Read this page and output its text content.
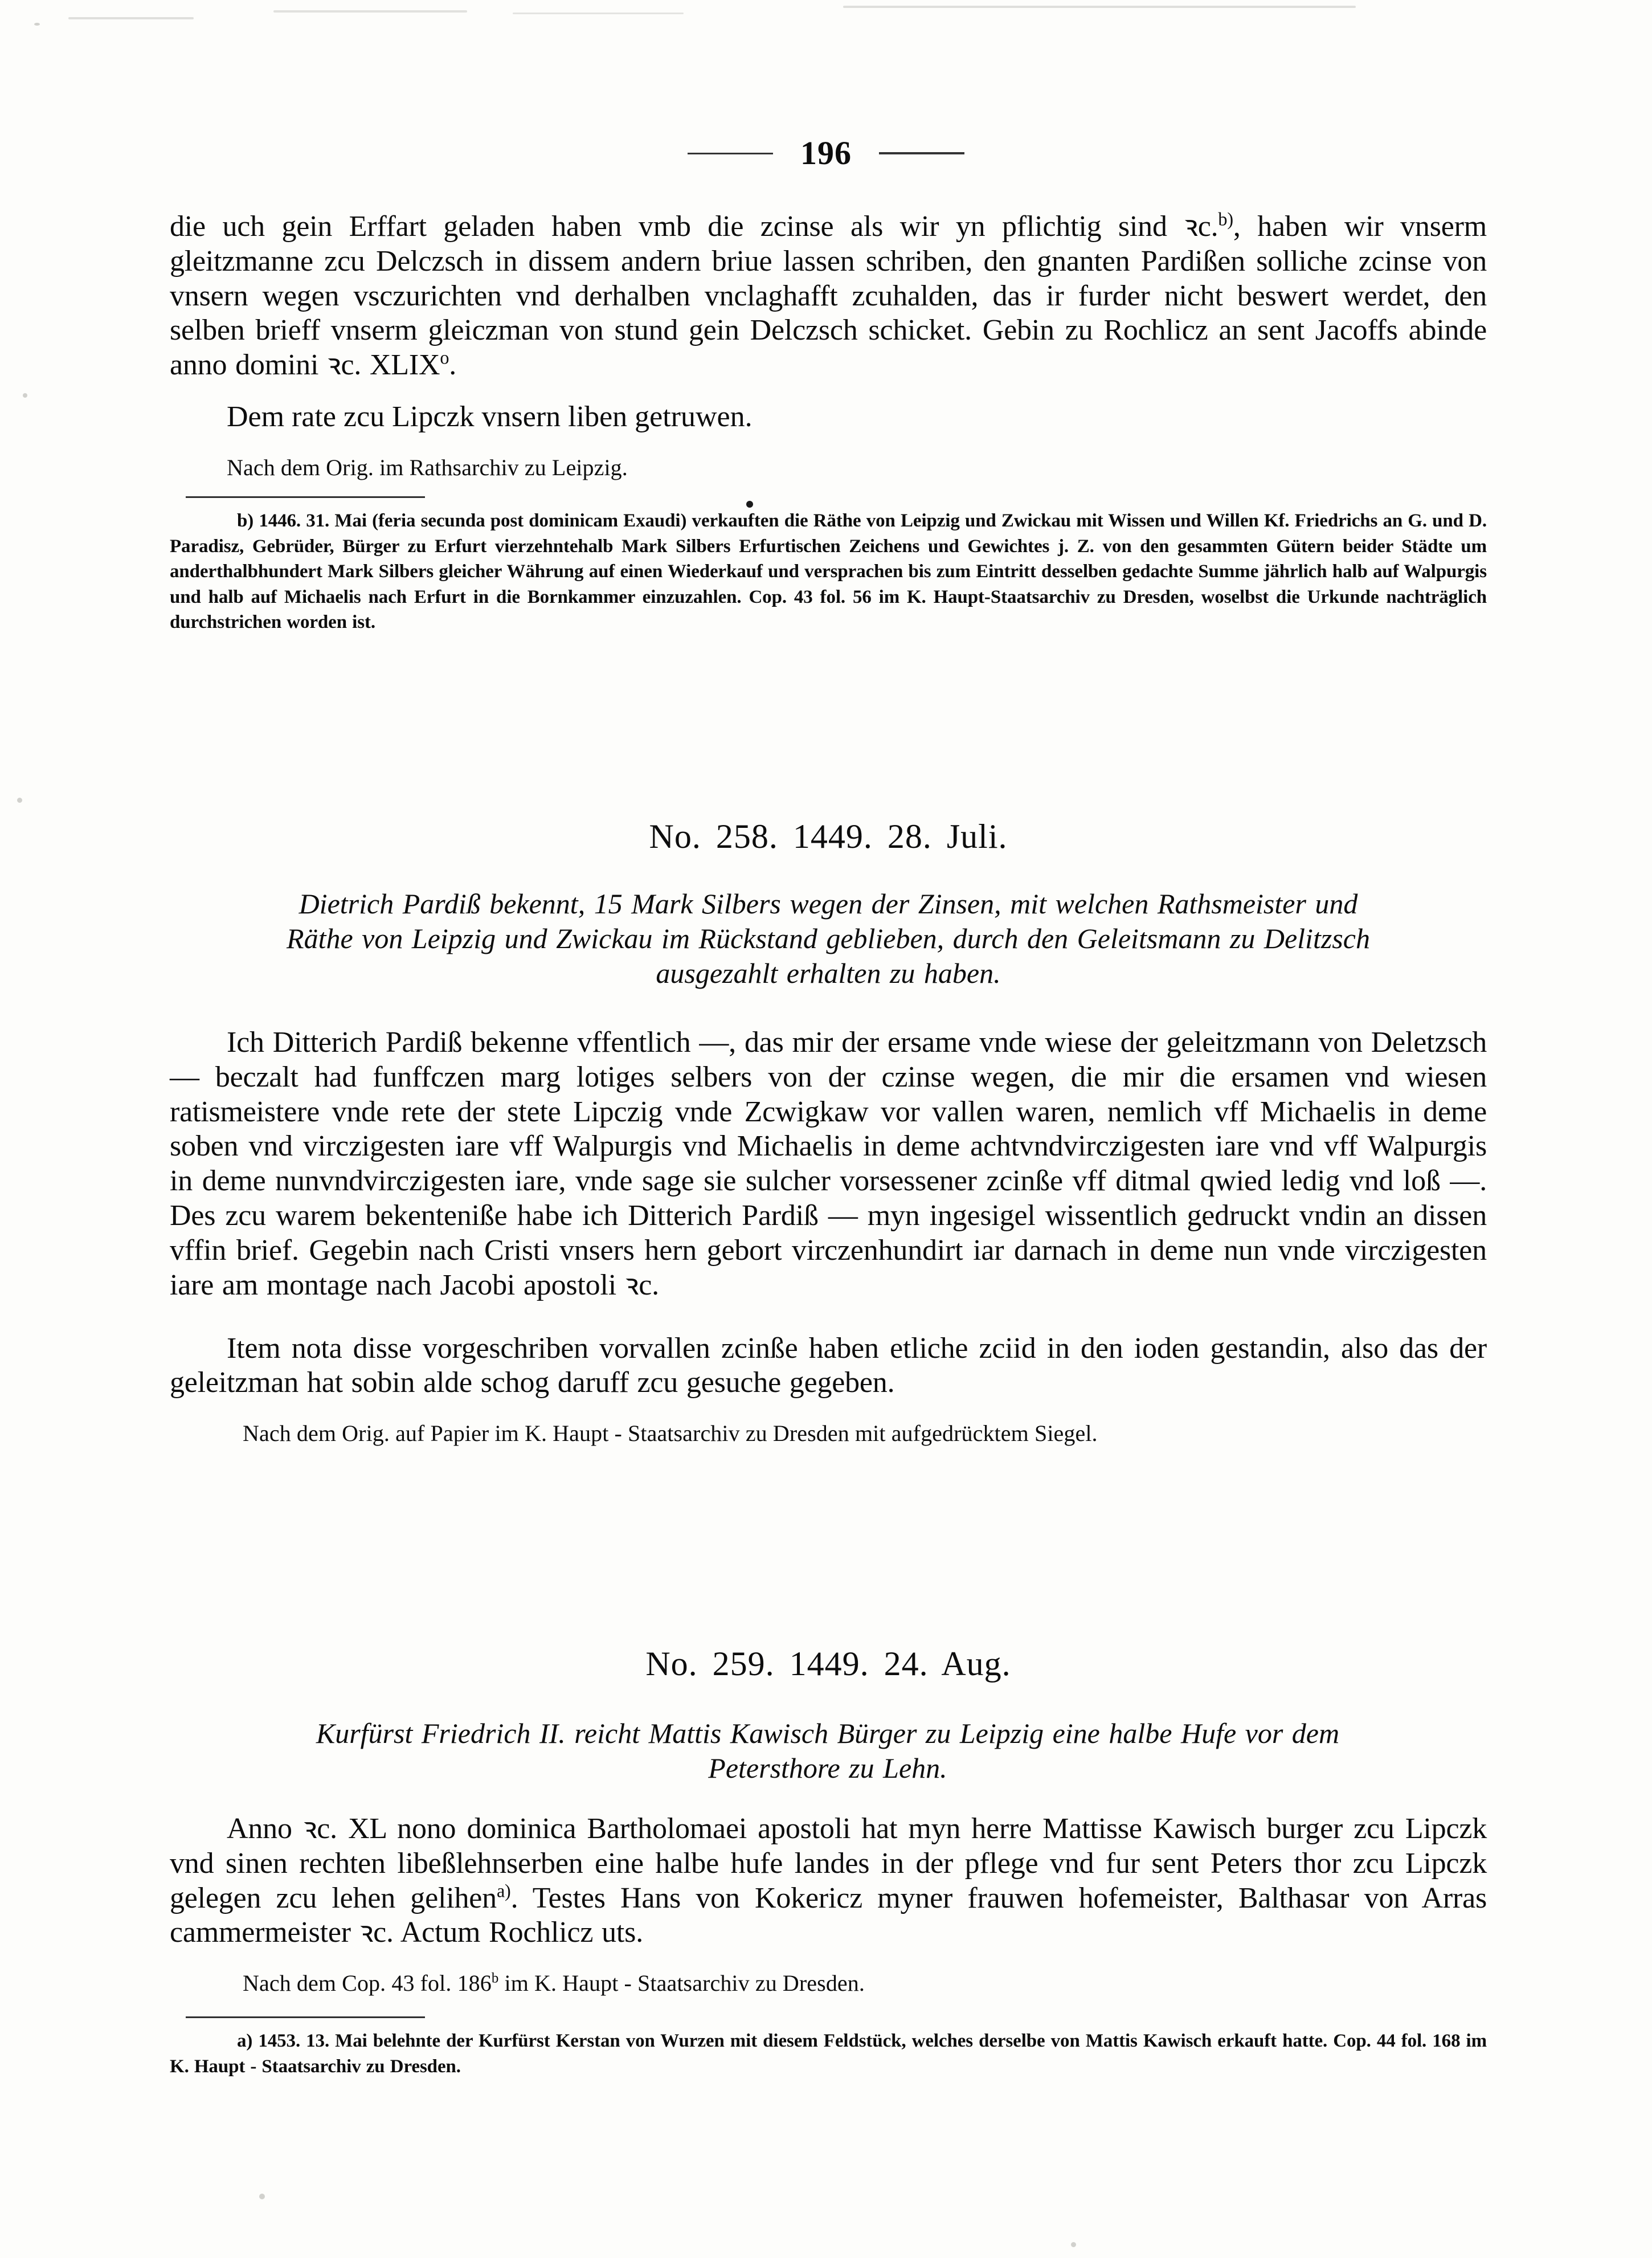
196

die uch gein Erffart geladen haben vmb die zcinse als wir yn pflichtig sind ꝛc.$^{b)}$, haben wir vnserm gleitzmanne zcu Delczsch in dissem andern briue lassen schriben, den gnanten Pardißen solliche zcinse von vnsern wegen vsczurichten vnd derhalben vnclaghafft zcuhalden, das ir furder nicht beswert werdet, den selben brieff vnserm gleiczman von stund gein Delczsch schicket. Gebin zu Rochlicz an sent Jacoffs abinde anno domini ꝛc. XLIX$^o$.

Dem rate zcu Lipczk vnsern liben getruwen.

Nach dem Orig. im Rathsarchiv zu Leipzig.

b) 1446. 31. Mai (feria secunda post dominicam Exaudi) verkauften die Räthe von Leipzig und Zwickau mit Wissen und Willen Kf. Friedrichs an G. und D. Paradisz, Gebrüder, Bürger zu Erfurt vierzehntehalb Mark Silbers Erfurtischen Zeichens und Gewichtes j. Z. von den gesammten Gütern beider Städte um anderthalbhundert Mark Silbers gleicher Währung auf einen Wiederkauf und versprachen bis zum Eintritt desselben gedachte Summe jährlich halb auf Walpurgis und halb auf Michaelis nach Erfurt in die Bornkammer einzuzahlen. Cop. 43 fol. 56 im K. Haupt-Staatsarchiv zu Dresden, woselbst die Urkunde nachträglich durchstrichen worden ist.

No. 258. 1449. 28. Juli.

Dietrich Pardiß bekennt, 15 Mark Silbers wegen der Zinsen, mit welchen Rathsmeister und

Räthe von Leipzig und Zwickau im Rückstand geblieben, durch den Geleitsmann zu Delitzsch

ausgezahlt erhalten zu haben.

Ich Ditterich Pardiß bekenne vffentlich —, das mir der ersame vnde wiese der geleitzmann von Deletzsch — beczalt had funffczen marg lotiges selbers von der czinse wegen, die mir die ersamen vnd wiesen ratismeistere vnde rete der stete Lipczig vnde Zcwigkaw vor vallen waren, nemlich vff Michaelis in deme soben vnd virczigesten iare vff Walpurgis vnd Michaelis in deme achtvndvirczigesten iare vnd vff Walpurgis in deme nunvndvirczigesten iare, vnde sage sie sulcher vorsessener zcinße vff ditmal qwied ledig vnd loß —. Des zcu warem bekenteniße habe ich Ditterich Pardiß — myn ingesigel wissentlich gedruckt vndin an dissen vffin brief. Gegebin nach Cristi vnsers hern gebort virczenhundirt iar darnach in deme nun vnde virczigesten iare am montage nach Jacobi apostoli ꝛc.

Item nota disse vorgeschriben vorvallen zcinße haben etliche zciid in den ioden gestandin, also das der geleitzman hat sobin alde schog daruff zcu gesuche gegeben.

Nach dem Orig. auf Papier im K. Haupt - Staatsarchiv zu Dresden mit aufgedrücktem Siegel.

No. 259. 1449. 24. Aug.

Kurfürst Friedrich II. reicht Mattis Kawisch Bürger zu Leipzig eine halbe Hufe vor dem

Petersthore zu Lehn.

Anno ꝛc. XL nono dominica Bartholomaei apostoli hat myn herre Mattisse Kawisch burger zcu Lipczk vnd sinen rechten libeßlehnserben eine halbe hufe landes in der pflege vnd fur sent Peters thor zcu Lipczk gelegen zcu lehen gelihen$^{a)}$. Testes Hans von Kokericz myner frauwen hofemeister, Balthasar von Arras cammermeister ꝛc. Actum Rochlicz uts.

Nach dem Cop. 43 fol. 186$^b$ im K. Haupt - Staatsarchiv zu Dresden.

a) 1453. 13. Mai belehnte der Kurfürst Kerstan von Wurzen mit diesem Feldstück, welches derselbe von Mattis Kawisch erkauft hatte. Cop. 44 fol. 168 im K. Haupt - Staatsarchiv zu Dresden.
